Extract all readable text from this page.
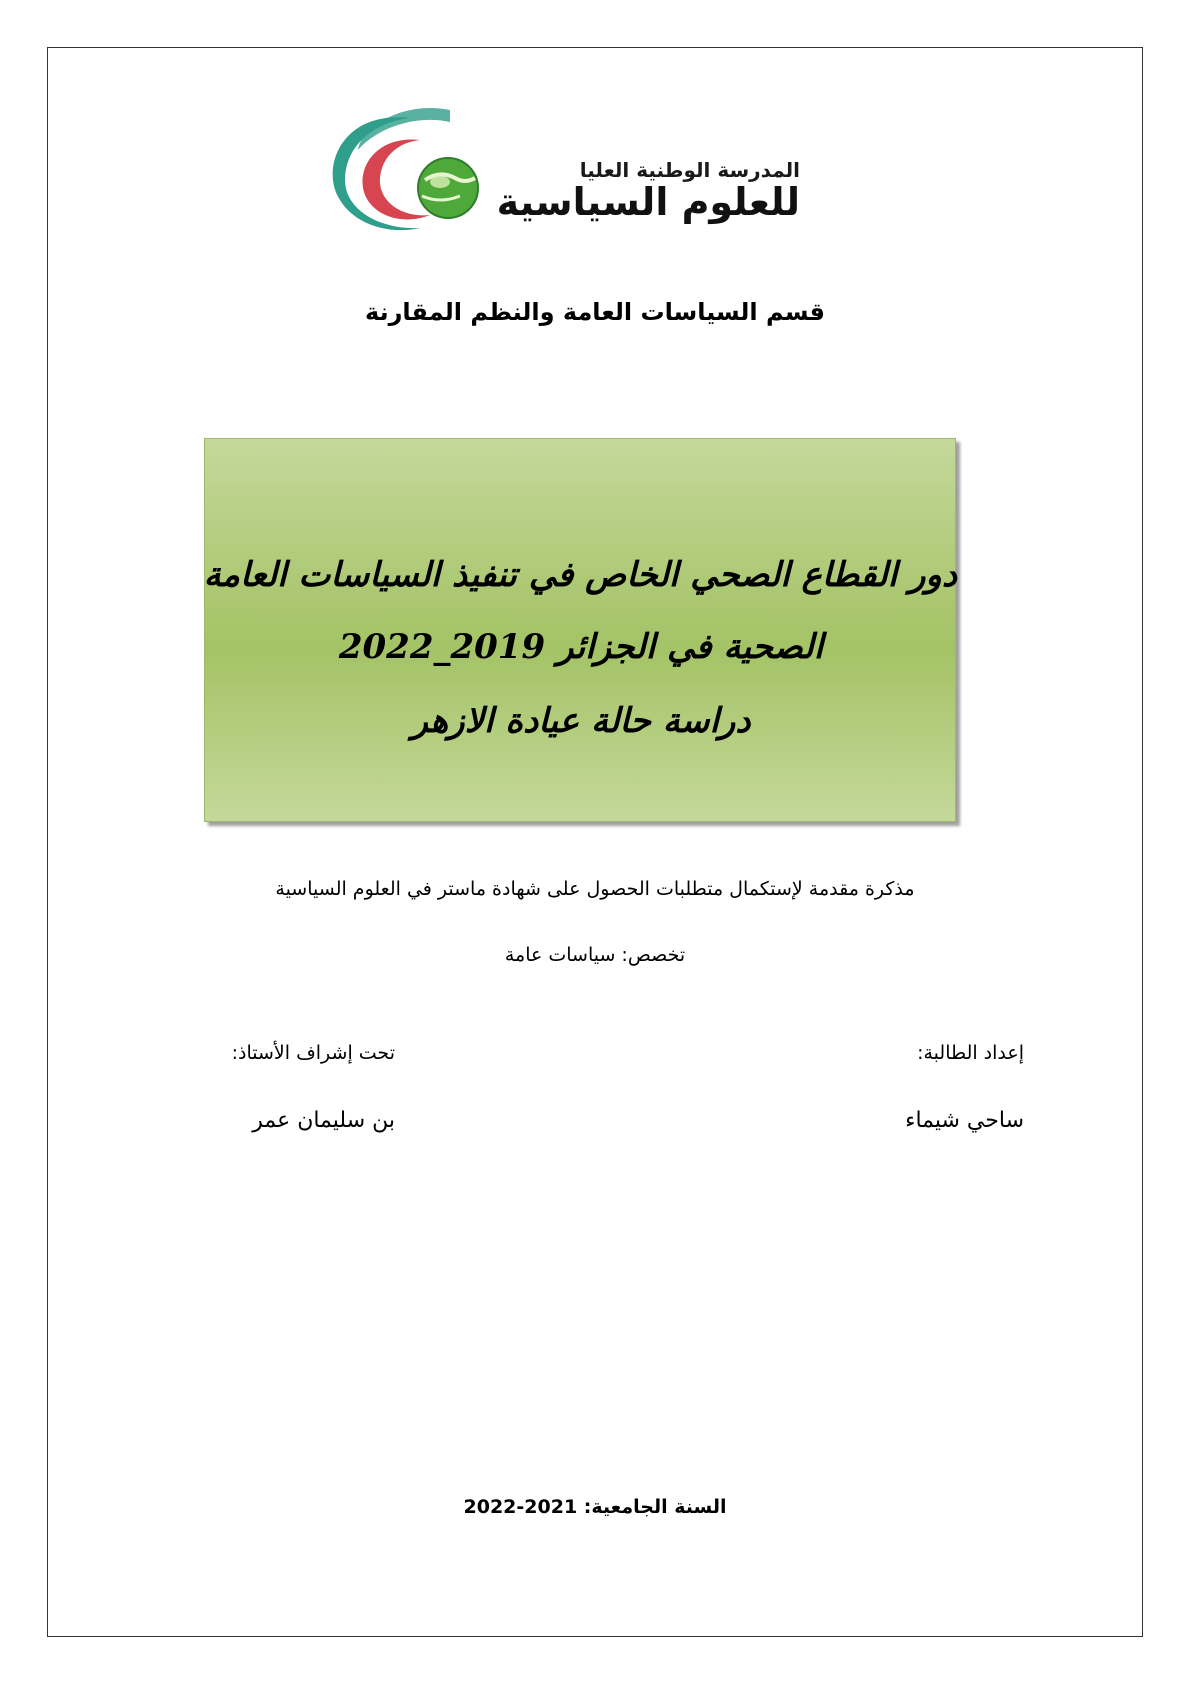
المدرسة الوطنية العليا
للعلوم السياسية
قسم السياسات العامة والنظم المقارنة
دور القطاع الصحي الخاص في تنفيذ السياسات العامة
الصحية في الجزائر 2019_2022
دراسة حالة عيادة الازهر
مذكرة مقدمة لإستكمال متطلبات الحصول على شهادة ماستر في العلوم السياسية
تخصص: سياسات عامة
إعداد الطالبة:
تحت إشراف الأستاذ:
ساحي شيماء
بن سليمان عمر
السنة الجامعية: 2021-2022
